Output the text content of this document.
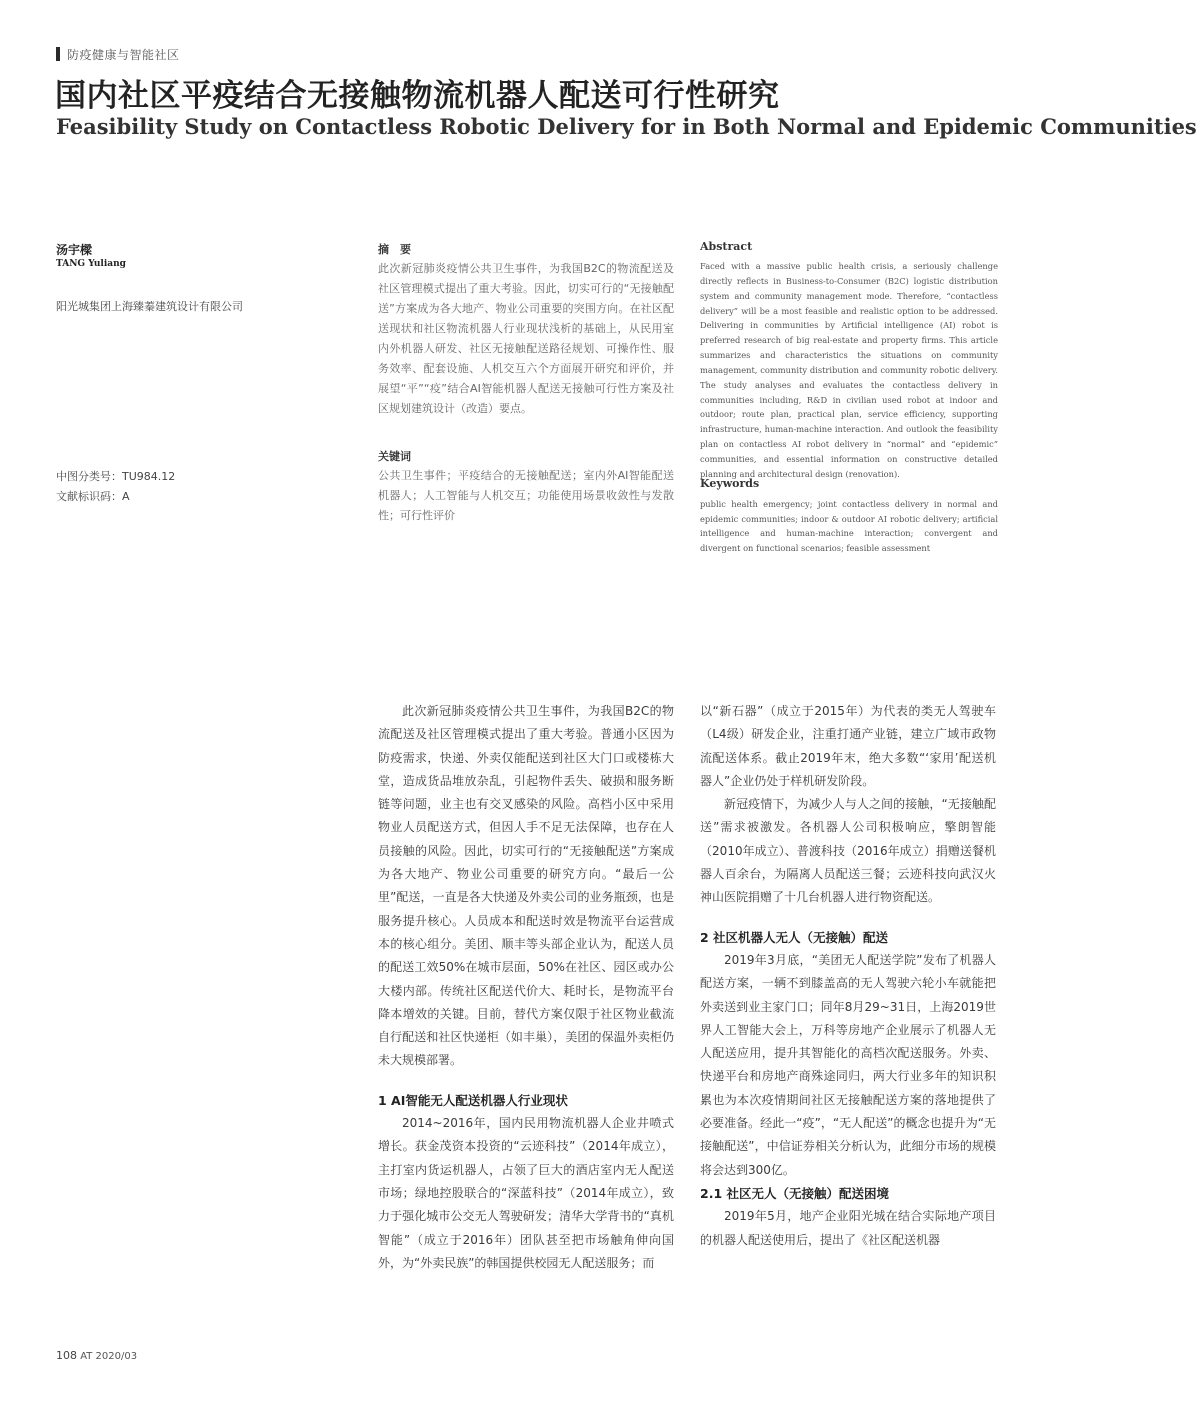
防疫健康与智能社区
国内社区平疫结合无接触物流机器人配送可行性研究
Feasibility Study on Contactless Robotic Delivery for in Both Normal and Epidemic Communities
汤宇樑
TANG Yuliang
阳光城集团上海臻蓁建筑设计有限公司
中图分类号：TU984.12
文献标识码：A
摘　要
此次新冠肺炎疫情公共卫生事件，为我国B2C的物流配送及社区管理模式提出了重大考验。因此，切实可行的“无接触配送”方案成为各大地产、物业公司重要的突围方向。在社区配送现状和社区物流机器人行业现状浅析的基础上，从民用室内外机器人研发、社区无接触配送路径规划、可操作性、服务效率、配套设施、人机交互六个方面展开研究和评价，并展望“平”“疫”结合AI智能机器人配送无接触可行性方案及社区规划建筑设计（改造）要点。
关键词
公共卫生事件；平疫结合的无接触配送；室内外AI智能配送机器人；人工智能与人机交互；功能使用场景收敛性与发散性；可行性评价
Abstract
Faced with a massive public health crisis, a seriously challenge directly reflects in Business-to-Consumer (B2C) logistic distribution system and community management mode. Therefore, “contactless delivery” will be a most feasible and realistic option to be addressed. Delivering in communities by Artificial intelligence (AI) robot is preferred research of big real-estate and property firms. This article summarizes and characteristics the situations on community management, community distribution and community robotic delivery. The study analyses and evaluates the contactless delivery in communities including, R&D in civilian used robot at indoor and outdoor; route plan, practical plan, service efficiency, supporting infrastructure, human-machine interaction. And outlook the feasibility plan on contactless AI robot delivery in “normal” and “epidemic” communities, and essential information on constructive detailed planning and architectural design (renovation).
Keywords
public health emergency; joint contactless delivery in normal and epidemic communities; indoor & outdoor AI robotic delivery; artificial intelligence and human-machine interaction; convergent and divergent on functional scenarios; feasible assessment

此次新冠肺炎疫情公共卫生事件，为我国B2C的物流配送及社区管理模式提出了重大考验。普通小区因为防疫需求，快递、外卖仅能配送到社区大门口或楼栋大堂，造成货品堆放杂乱，引起物件丢失、破损和服务断链等问题，业主也有交叉感染的风险。高档小区中采用物业人员配送方式，但因人手不足无法保障，也存在人员接触的风险。因此，切实可行的“无接触配送”方案成为各大地产、物业公司重要的研究方向。“最后一公里”配送，一直是各大快递及外卖公司的业务瓶颈，也是服务提升核心。人员成本和配送时效是物流平台运营成本的核心组分。美团、顺丰等头部企业认为，配送人员的配送工效50%在城市层面，50%在社区、园区或办公大楼内部。传统社区配送代价大、耗时长，是物流平台降本增效的关键。目前，替代方案仅限于社区物业截流自行配送和社区快递柜（如丰巢），美团的保温外卖柜仍未大规模部署。

1 AI智能无人配送机器人行业现状

2014~2016年，国内民用物流机器人企业井喷式增长。获金茂资本投资的“云迹科技”（2014年成立），主打室内货运机器人，占领了巨大的酒店室内无人配送市场；绿地控股联合的“深蓝科技”（2014年成立），致力于强化城市公交无人驾驶研发；清华大学背书的“真机智能”（成立于2016年）团队甚至把市场触角伸向国外，为“外卖民族”的韩国提供校园无人配送服务；而

以“新石器”（成立于2015年）为代表的类无人驾驶车（L4级）研发企业，注重打通产业链，建立广域市政物流配送体系。截止2019年末，绝大多数“‘家用’配送机器人”企业仍处于样机研发阶段。

新冠疫情下，为减少人与人之间的接触，“无接触配送”需求被激发。各机器人公司积极响应，擎朗智能（2010年成立）、普渡科技（2016年成立）捐赠送餐机器人百余台，为隔离人员配送三餐；云迹科技向武汉火神山医院捐赠了十几台机器人进行物资配送。

2 社区机器人无人（无接触）配送

2019年3月底，“美团无人配送学院”发布了机器人配送方案，一辆不到膝盖高的无人驾驶六轮小车就能把外卖送到业主家门口；同年8月29~31日，上海2019世界人工智能大会上，万科等房地产企业展示了机器人无人配送应用，提升其智能化的高档次配送服务。外卖、快递平台和房地产商殊途同归，两大行业多年的知识积累也为本次疫情期间社区无接触配送方案的落地提供了必要准备。经此一“疫”，“无人配送”的概念也提升为“无接触配送”，中信证券相关分析认为，此细分市场的规模将会达到300亿。

2.1 社区无人（无接触）配送困境

2019年5月，地产企业阳光城在结合实际地产项目的机器人配送使用后，提出了《社区配送机器

108 AT 2020/03
